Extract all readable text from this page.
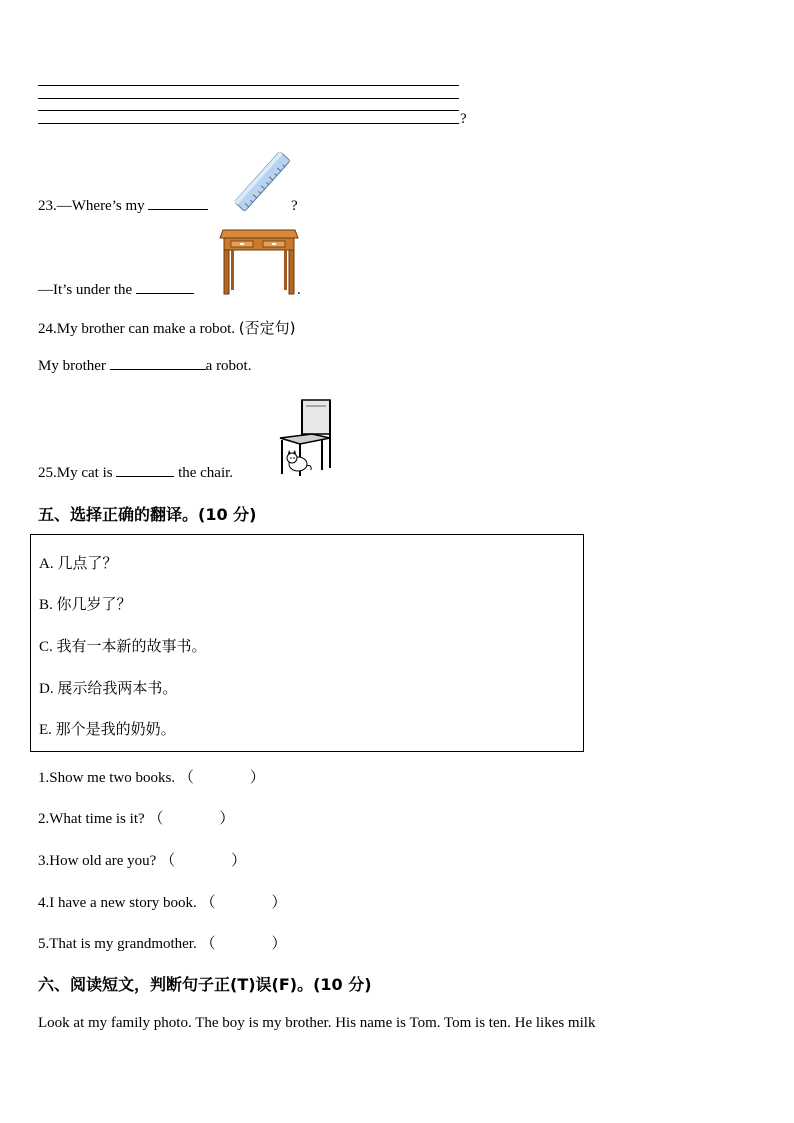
?
23.—Where’s my	?
—It’s under the	.
24.My brother can make a robot. (否定句)
My brother	a robot.
25.My cat is	the chair.
五、选择正确的翻译。(10 分)
A. 几点了？
B. 你几岁了？
C. 我有一本新的故事书。
D. 展示给我两本书。
E. 那个是我的奶奶。
1.Show me two books. （	）
2.What time is it? （	）
3.How old are you? （	）
4.I have a new story book. （	）
5.That is my grandmother. （	）
六、阅读短文，判断句子正(T)误(F)。(10 分)
Look at my family photo. The boy is my brother. His name is Tom. Tom is ten. He likes milk
